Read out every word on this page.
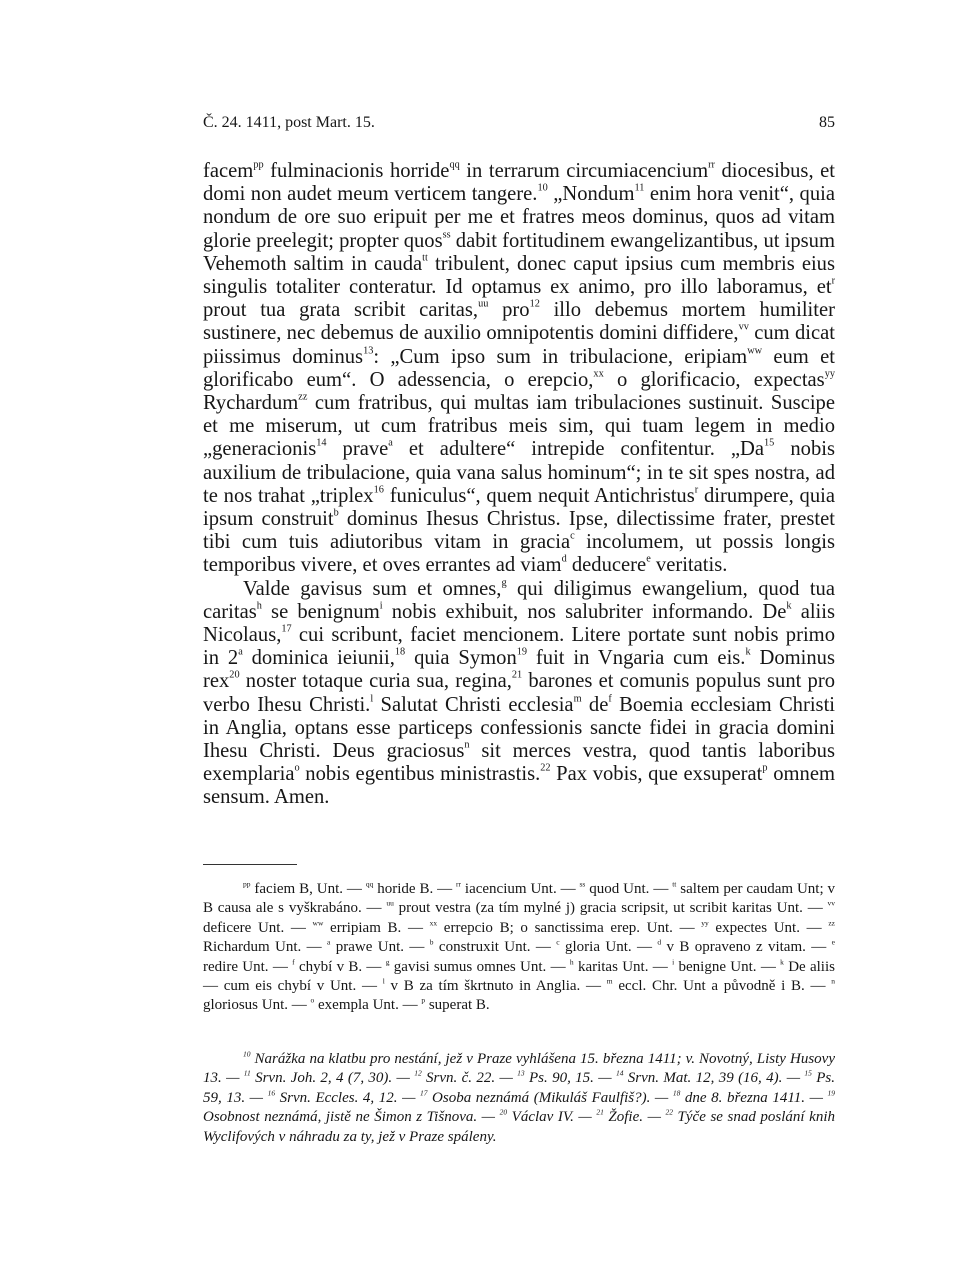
Č. 24. 1411, post Mart. 15.	85

facem$^{pp}$ fulminacionis horride$^{qq}$ in terrarum circumiacencium$^{rr}$ diocesibus, et domi non audet meum verticem tangere.$^{10}$ „Nondum$^{11}$ enim hora venit“, quia nondum de ore suo eripuit per me et fratres meos dominus, quos ad vitam glorie preelegit; propter quos$^{ss}$ dabit fortitudinem ewangelizantibus, ut ipsum Vehemoth saltim in cauda$^{tt}$ tribulent, donec caput ipsius cum membris eius singulis totaliter conteratur. Id optamus ex animo, pro illo laboramus, $et^r$ prout tua grata scribit caritas,$^{uu}$ pro$^{12}$ illo debemus mortem humiliter sustinere, nec debemus de auxilio omnipotentis domini diffidere,$^{vv}$ cum dicat piissimus dominus$^{13}$: „Cum ipso sum in tribulacione, eripiam$^{ww}$ eum et glorificabo eum“. O adessencia, o erepcio,$^{xx}$ o glorificacio, expectas$^{yy}$ Rychardum$^{zz}$ cum fratribus, qui multas iam tribulaciones sustinuit. Suscipe et me miserum, ut cum fratribus meis sim, qui tuam legem in medio „generacionis$^{14}$ prave$^a$ et adultere“ intrepide confitentur. „Da$^{15}$ nobis auxilium de tribulacione, quia vana salus hominum“; in te sit spes nostra, ad te nos trahat „triplex$^{16}$ funiculus“, quem nequit Antichristus$^r$ dirumpere, quia ipsum construit$^b$ dominus Ihesus Christus. Ipse, dilectissime frater, prestet tibi cum tuis adiutoribus vitam in gracia$^c$ incolumem, ut possis longis temporibus vivere, et oves errantes ad viam$^d$ deducere$^e$ veritatis.

Valde gavisus sum et omnes,$^g$ qui diligimus ewangelium, quod tua caritas$^h$ se benignum$^i$ nobis exhibuit, nos salubriter informando. De$^k$ aliis Nicolaus,$^{17}$ cui scribunt, faciet mencionem. Litere portate sunt nobis primo in 2$^a$ dominica ieiunii,$^{18}$ quia Symon$^{19}$ fuit in Vngaria cum eis.$^k$ Dominus rex$^{20}$ noster totaque curia sua, regina,$^{21}$ barones et comunis populus sunt pro verbo Ihesu Christi.$^l$ Salutat Christi ecclesia$^m$ $de^f$ Boemia ecclesiam Christi in Anglia, optans esse particeps confessionis sancte fidei in gracia domini Ihesu Christi. Deus graciosus$^n$ sit merces vestra, quod tantis laboribus exemplaria$^o$ nobis egentibus ministrastis.$^{22}$ Pax vobis, que exsuperat$^p$ omnem sensum. Amen.

$^{pp}$ faciem B, Unt. — $^{qq}$ horide B. — $^{rr}$ iacencium Unt. — $^{ss}$ quod Unt. — $^{tt}$ saltem per caudam Unt; v B causa ale s vyškrabáno. — $^{uu}$ prout vestra (za tím mylné j) gracia scripsit, ut scribit karitas Unt. — $^{vv}$ deficere Unt. — $^{ww}$ erripiam B. — $^{xx}$ errepcio B; o sanctissima erep. Unt. — $^{yy}$ expectes Unt. — $^{zz}$ Richardum Unt. — $^a$ prawe Unt. — $^b$ construxit Unt. — $^c$ gloria Unt. — $^d$ v B opraveno z vitam. — $^e$ redire Unt. — $^f$ chybí v B. — $^g$ gavisi sumus omnes Unt. — $^h$ karitas Unt. — $^i$ benigne Unt. — $^k$ De aliis — cum eis chybí v Unt. — $^l$ v B za tím škrtnuto in Anglia. — $^m$ eccl. Chr. Unt a původně i B. — $^n$ gloriosus Unt. — $^o$ exempla Unt. — $^p$ superat B.

$^{10}$ Narážka na klatbu pro nestání, jež v Praze vyhlášena 15. března 1411; v. Novotný, Listy Husovy 13. — $^{11}$ Srvn. Joh. 2, 4 (7, 30). — $^{12}$ Srvn. č. 22. — $^{13}$ Ps. 90, 15. — $^{14}$ Srvn. Mat. 12, 39 (16, 4). — $^{15}$ Ps. 59, 13. — $^{16}$ Srvn. Eccles. 4, 12. — $^{17}$ Osoba neznámá (Mikuláš Faulfiš?). — $^{18}$ dne 8. března 1411. — $^{19}$ Osobnost neznámá, jistě ne Šimon z Tišnova. — $^{20}$ Václav IV. — $^{21}$ Žofie. — $^{22}$ Týče se snad poslání knih Wyclifových v náhradu za ty, jež v Praze spáleny.
